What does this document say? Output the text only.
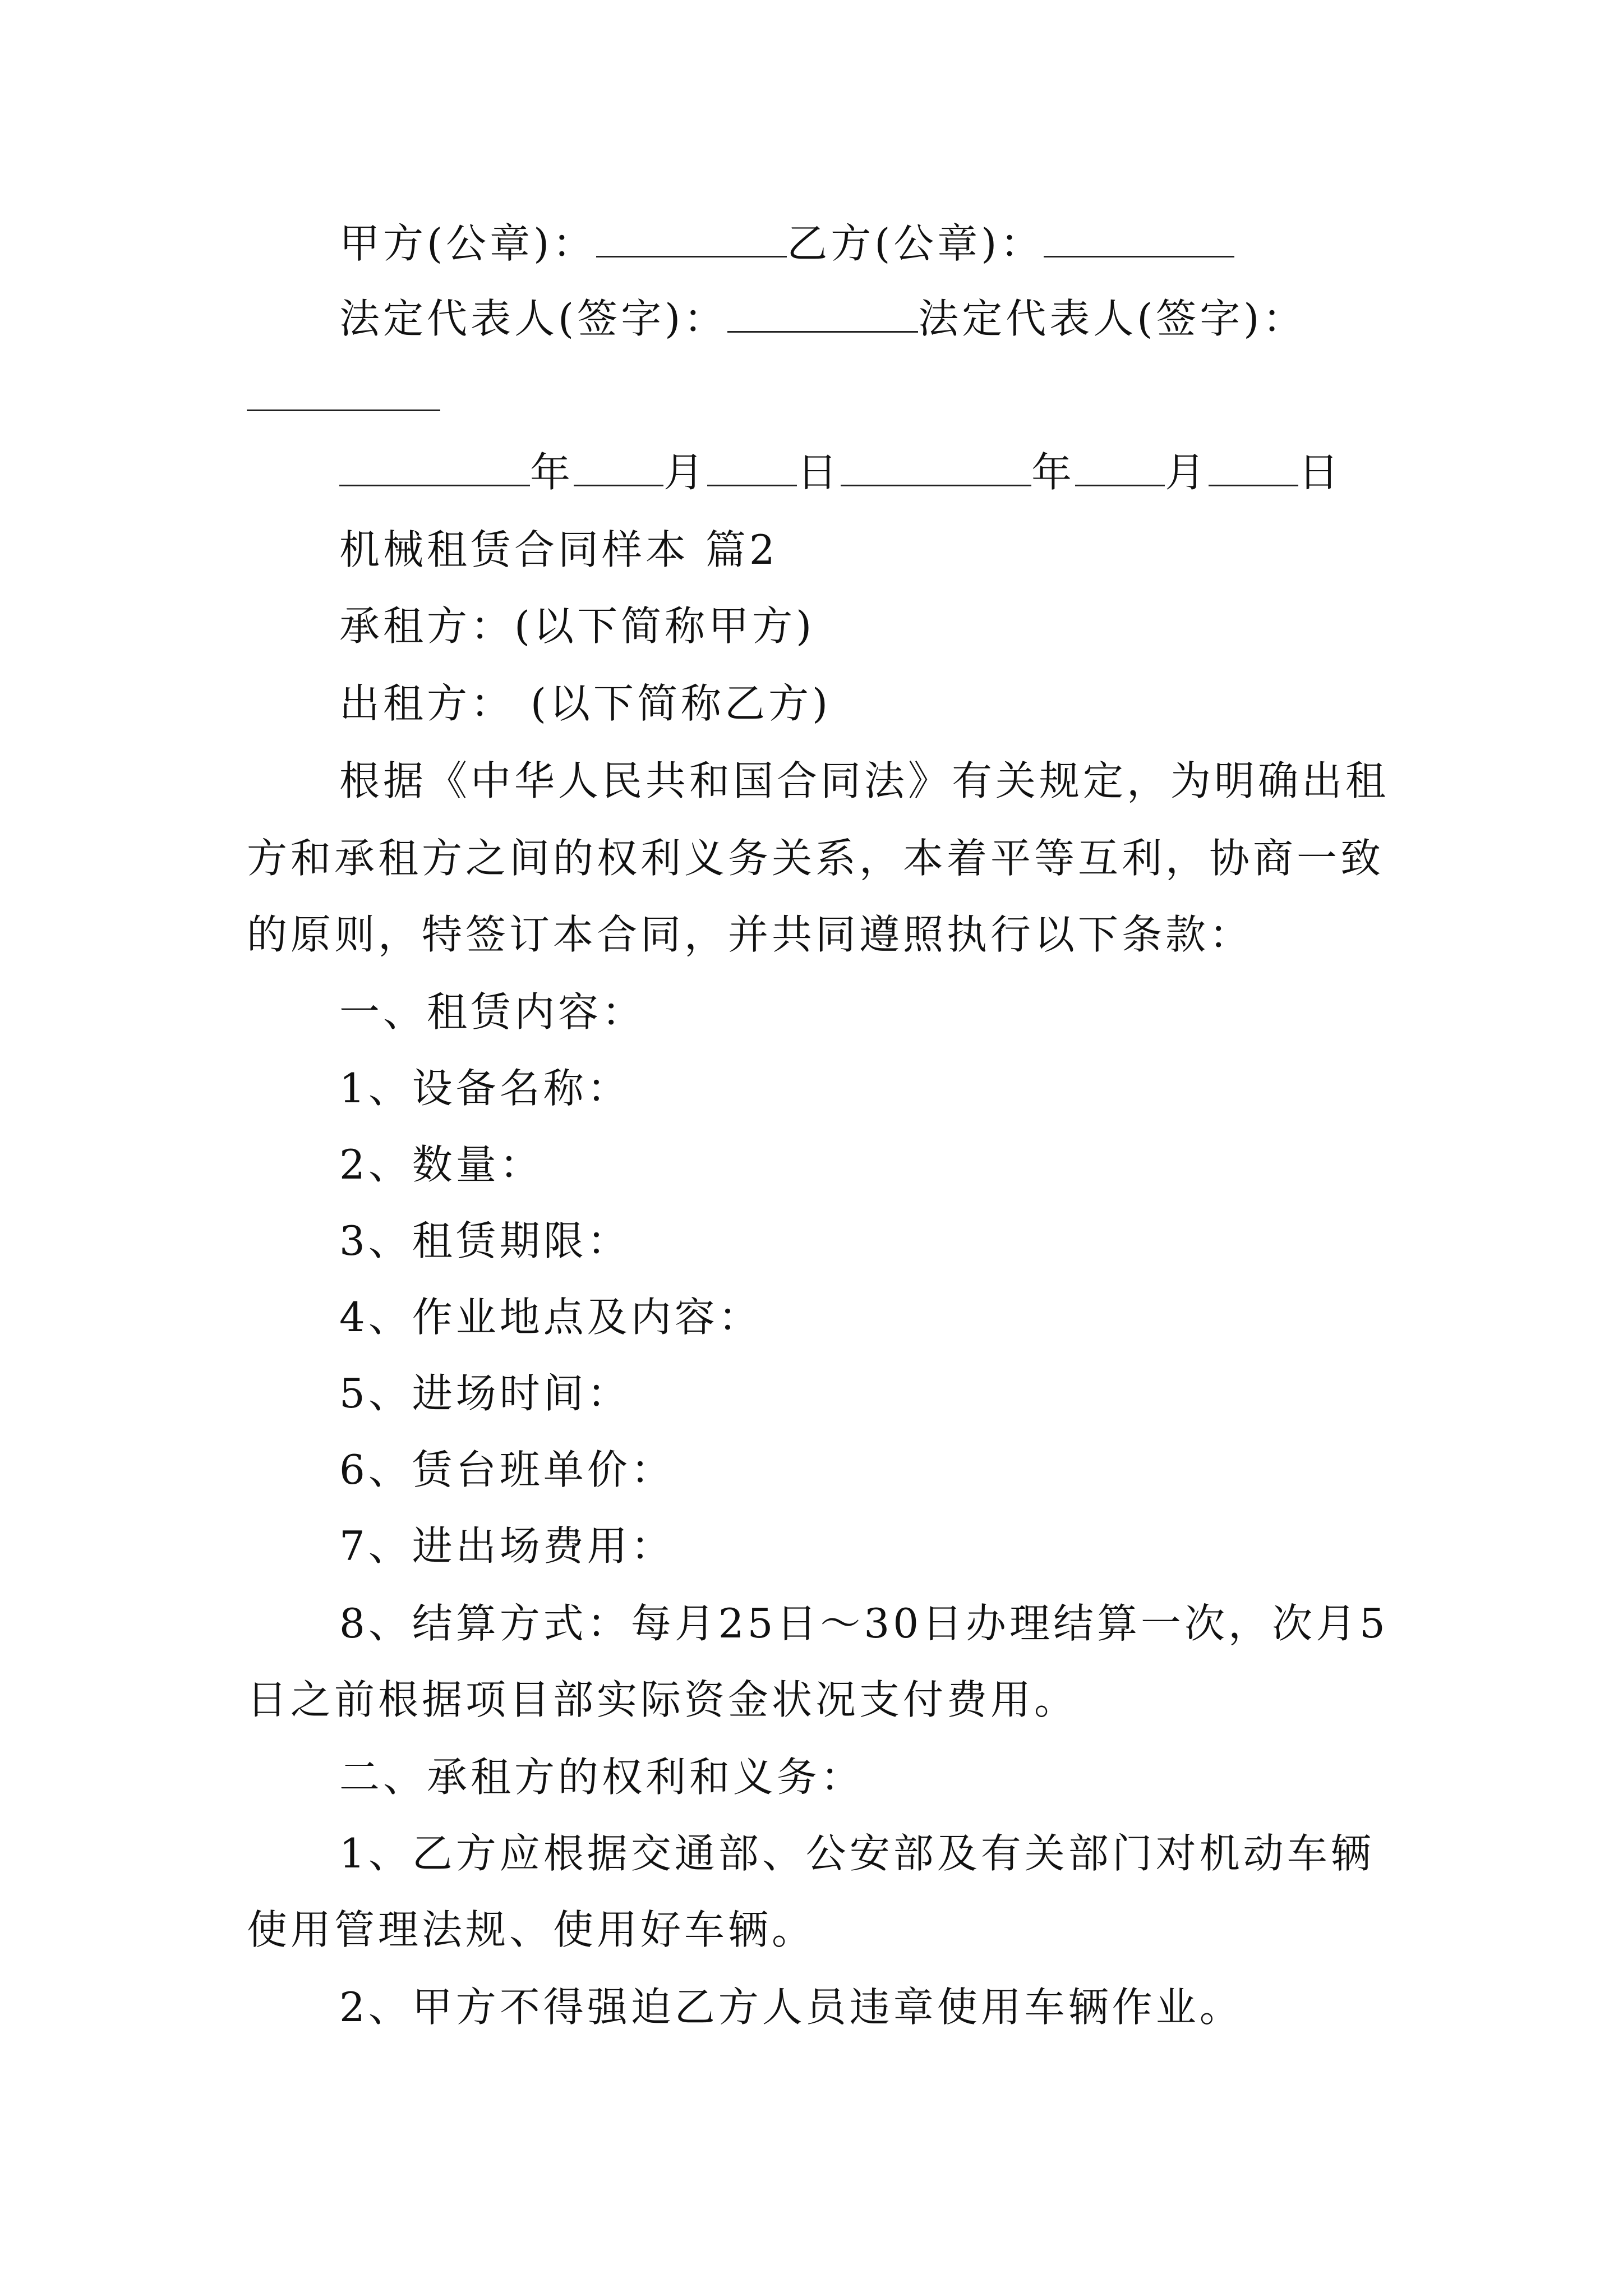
甲方(公章)：	乙方(公章)：
法定代表人(签字)：	法定代表人(签字)：
年 月 日	年 月 日
机械租赁合同样本 篇2
承租方：(以下简称甲方)
出租方： (以下简称乙方)
根据《中华人民共和国合同法》有关规定，为明确出租
方和承租方之间的权利义务关系，本着平等互利，协商一致
的原则，特签订本合同，并共同遵照执行以下条款：
一、租赁内容：
1、设备名称：
2、数量：
3、租赁期限：
4、作业地点及内容：
5、进场时间：
6、赁台班单价：
7、进出场费用：
8、结算方式：每月25日～30日办理结算一次，次月5
日之前根据项目部实际资金状况支付费用。
二、承租方的权利和义务：
1、乙方应根据交通部、公安部及有关部门对机动车辆
使用管理法规、使用好车辆。
2、甲方不得强迫乙方人员违章使用车辆作业。
